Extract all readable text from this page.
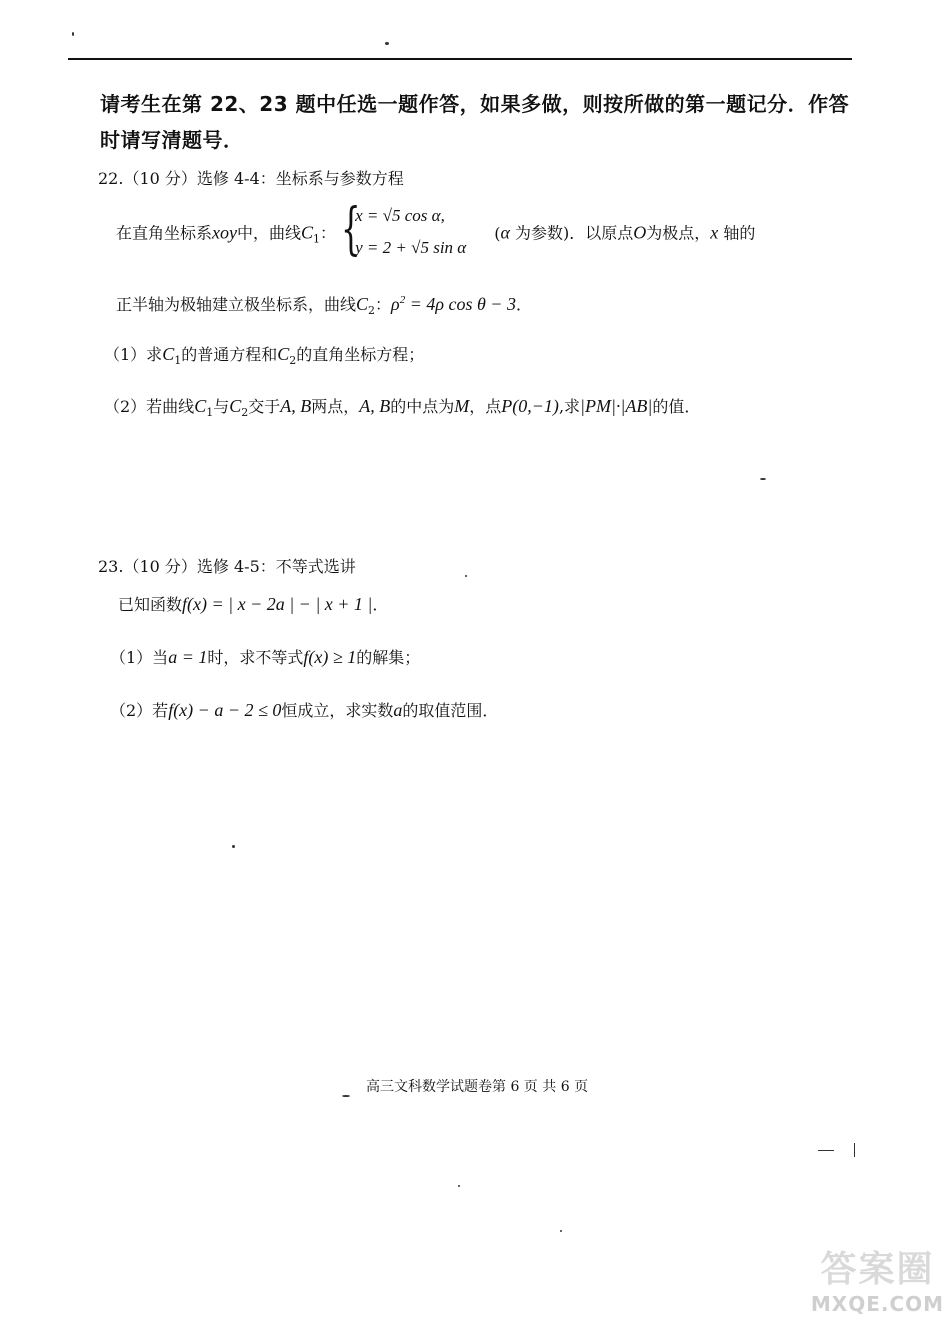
请考生在第 22、23 题中任选一题作答，如果多做，则按所做的第一题记分．作答
时请写清题号．
22.（10 分）选修 4-4：坐标系与参数方程
在直角坐标系xoy中，曲线$C_1$： {
x = √5 cos α,
y = 2 + √5 sin α
(α 为参数)．以原点O为极点，x 轴的
正半轴为极轴建立极坐标系，曲线$C_2$：$\rho^2 = 4\rho$ cos θ − 3．
（1）求$C_1$的普通方程和$C_2$的直角坐标方程；
（2）若曲线$C_1$与$C_2$交于A, B两点，A, B的中点为M，点P(0,−1),求|PM|·|AB|的值．
23.（10 分）选修 4-5：不等式选讲
已知函数f(x) = | x − 2a | − | x + 1 |．
（1）当a = 1时，求不等式f(x) ≥ 1的解集；
（2）若f(x) − a − 2 ≤ 0恒成立，求实数a的取值范围．
高三文科数学试题卷第 6 页 共 6 页
答案圈
MXQE.COM
